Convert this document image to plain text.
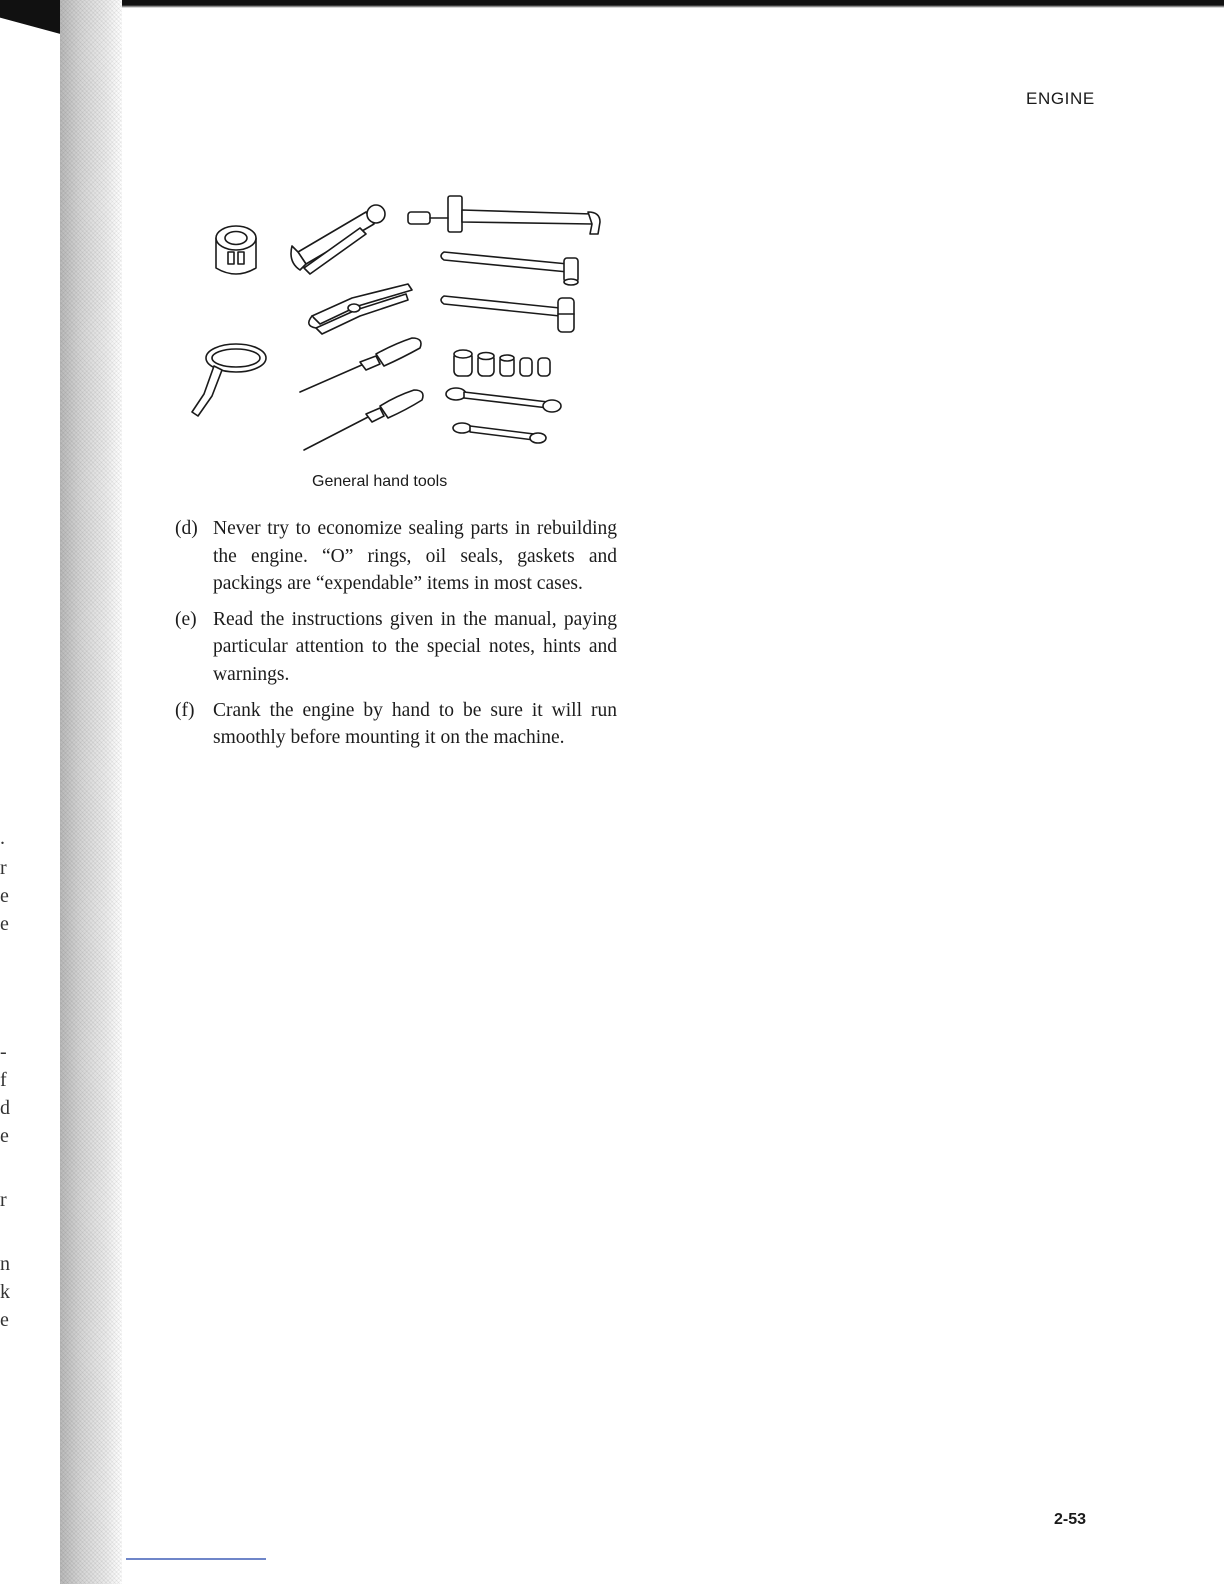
.
r
e
e
-
f
d
e
r
n
k
e
ENGINE
General hand tools
(d) Never try to economize sealing parts in rebuilding the engine. “O” rings, oil seals, gaskets and packings are “expendable” items in most cases.
(e) Read the instructions given in the manual, paying particular attention to the special notes, hints and warnings.
(f) Crank the engine by hand to be sure it will run smoothly before mounting it on the machine.
2-53
